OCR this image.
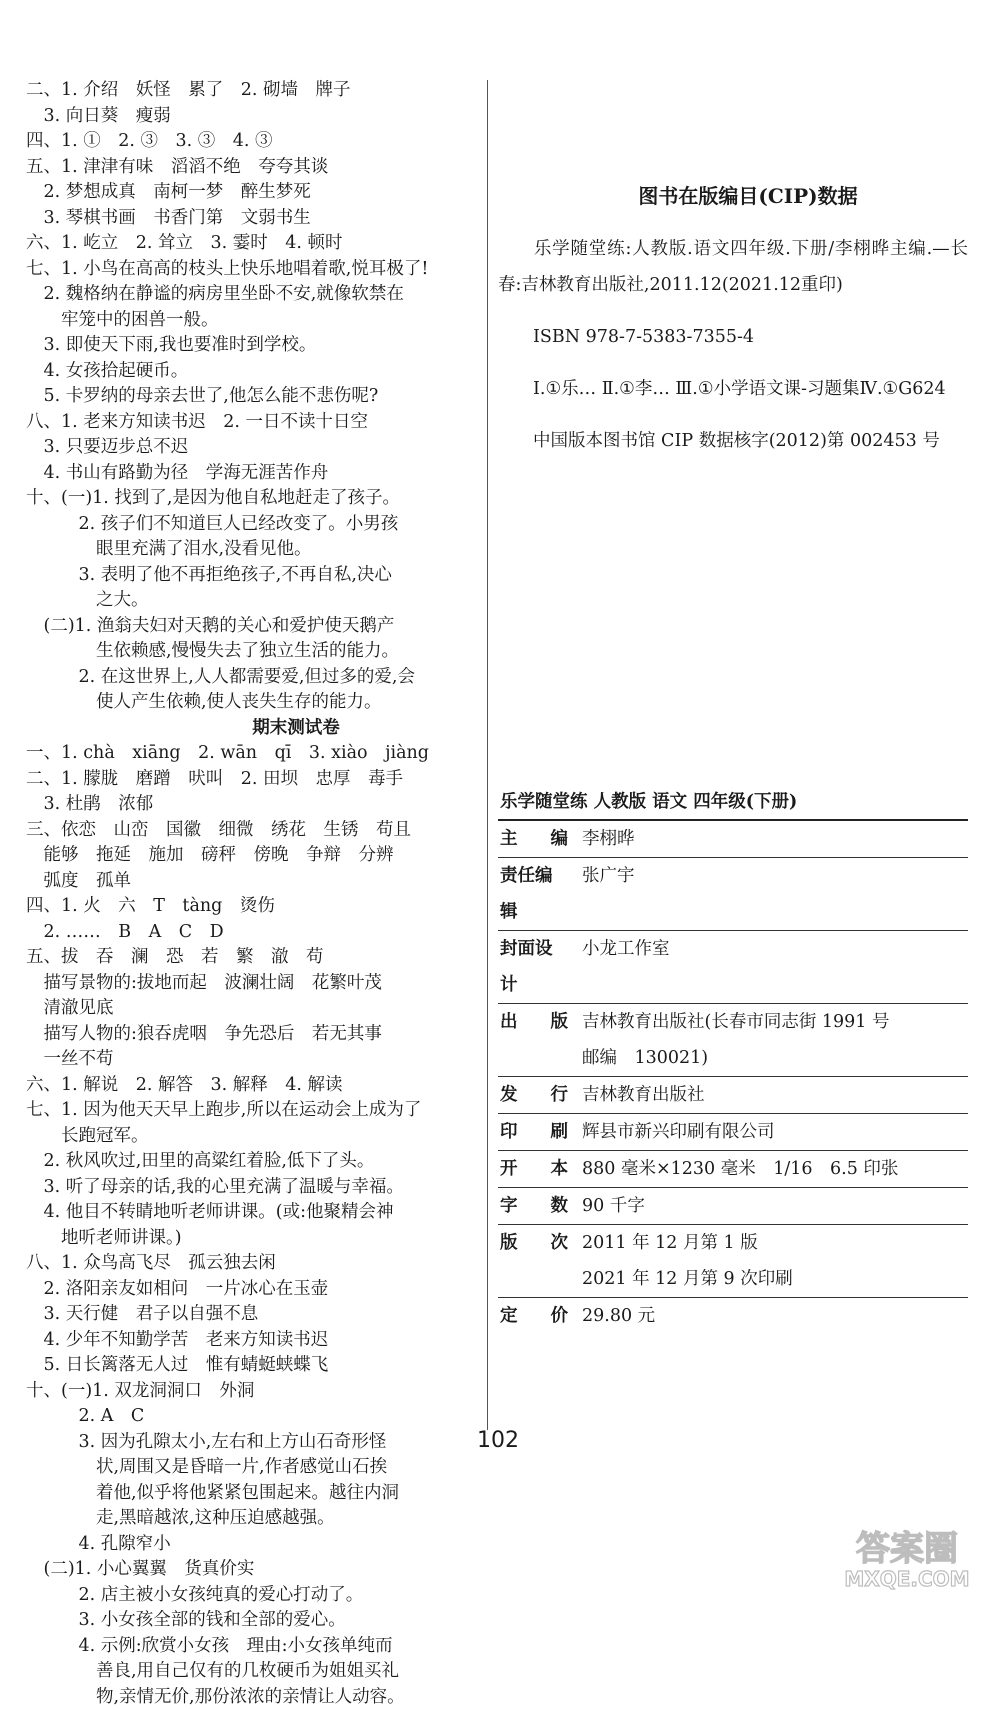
二、1. 介绍　妖怪　累了　2. 砌墙　牌子
　3. 向日葵　瘦弱
四、1. ①　2. ③　3. ③　4. ③
五、1. 津津有味　滔滔不绝　夸夸其谈
　2. 梦想成真　南柯一梦　醉生梦死
　3. 琴棋书画　书香门第　文弱书生
六、1. 屹立　2. 耸立　3. 霎时　4. 顿时
七、1. 小鸟在高高的枝头上快乐地唱着歌,悦耳极了!
　2. 魏格纳在静谧的病房里坐卧不安,就像软禁在
　　牢笼中的困兽一般。
　3. 即使天下雨,我也要准时到学校。
　4. 女孩拾起硬币。
　5. 卡罗纳的母亲去世了,他怎么能不悲伤呢?
八、1. 老来方知读书迟　2. 一日不读十日空
　3. 只要迈步总不迟
　4. 书山有路勤为径　学海无涯苦作舟
十、(一)1. 找到了,是因为他自私地赶走了孩子。
　　　2. 孩子们不知道巨人已经改变了。小男孩
　　　　眼里充满了泪水,没看见他。
　　　3. 表明了他不再拒绝孩子,不再自私,决心
　　　　之大。
　(二)1. 渔翁夫妇对天鹅的关心和爱护使天鹅产
　　　　生依赖感,慢慢失去了独立生活的能力。
　　　2. 在这世界上,人人都需要爱,但过多的爱,会
　　　　使人产生依赖,使人丧失生存的能力。
期末测试卷
一、1. chà　xiāng　2. wān　qī　3. xiào　jiàng
二、1. 朦胧　磨蹭　吠叫　2. 田坝　忠厚　毒手
　3. 杜鹃　浓郁
三、依恋　山峦　国徽　细微　绣花　生锈　苟且
　能够　拖延　施加　磅秤　傍晚　争辩　分辨
　弧度　孤单
四、1. 火　六　T　tàng　烫伤
　2. ……　B　A　C　D
五、拔　吞　澜　恐　若　繁　澈　苟
　描写景物的:拔地而起　波澜壮阔　花繁叶茂
　清澈见底
　描写人物的:狼吞虎咽　争先恐后　若无其事
　一丝不苟
六、1. 解说　2. 解答　3. 解释　4. 解读
七、1. 因为他天天早上跑步,所以在运动会上成为了
　　长跑冠军。
　2. 秋风吹过,田里的高粱红着脸,低下了头。
　3. 听了母亲的话,我的心里充满了温暖与幸福。
　4. 他目不转睛地听老师讲课。(或:他聚精会神
　　地听老师讲课。)
八、1. 众鸟高飞尽　孤云独去闲
　2. 洛阳亲友如相问　一片冰心在玉壶
　3. 天行健　君子以自强不息
　4. 少年不知勤学苦　老来方知读书迟
　5. 日长篱落无人过　惟有蜻蜓蛱蝶飞
十、(一)1. 双龙洞洞口　外洞
　　　2. A　C
　　　3. 因为孔隙太小,左右和上方山石奇形怪
　　　　状,周围又是昏暗一片,作者感觉山石挨
　　　　着他,似乎将他紧紧包围起来。越往内洞
　　　　走,黑暗越浓,这种压迫感越强。
　　　4. 孔隙窄小
　(二)1. 小心翼翼　货真价实
　　　2. 店主被小女孩纯真的爱心打动了。
　　　3. 小女孩全部的钱和全部的爱心。
　　　4. 示例:欣赏小女孩　理由:小女孩单纯而
　　　　善良,用自己仅有的几枚硬币为姐姐买礼
　　　　物,亲情无价,那份浓浓的亲情让人动容。
图书在版编目(CIP)数据
乐学随堂练:人教版.语文四年级.下册/李栩晔主编.—长春:吉林教育出版社,2011.12(2021.12重印)
ISBN 978-7-5383-7355-4
Ⅰ.①乐… Ⅱ.①李… Ⅲ.①小学语文课-习题集Ⅳ.①G624
中国版本图书馆 CIP 数据核字(2012)第 002453 号
乐学随堂练 人教版 语文 四年级(下册)
主 编 李栩晔
责任编辑
张广宇
封面设计
小龙工作室
出 版 吉林教育出版社(长春市同志街 1991 号
邮编　130021)
发 行 吉林教育出版社
印 刷 辉县市新兴印刷有限公司
开 本 880 毫米×1230 毫米　1/16　6.5 印张
字 数 90 千字
版 次 2011 年 12 月第 1 版
2021 年 12 月第 9 次印刷
定 价 29.80 元
102
答案圈
MXQE.COM
